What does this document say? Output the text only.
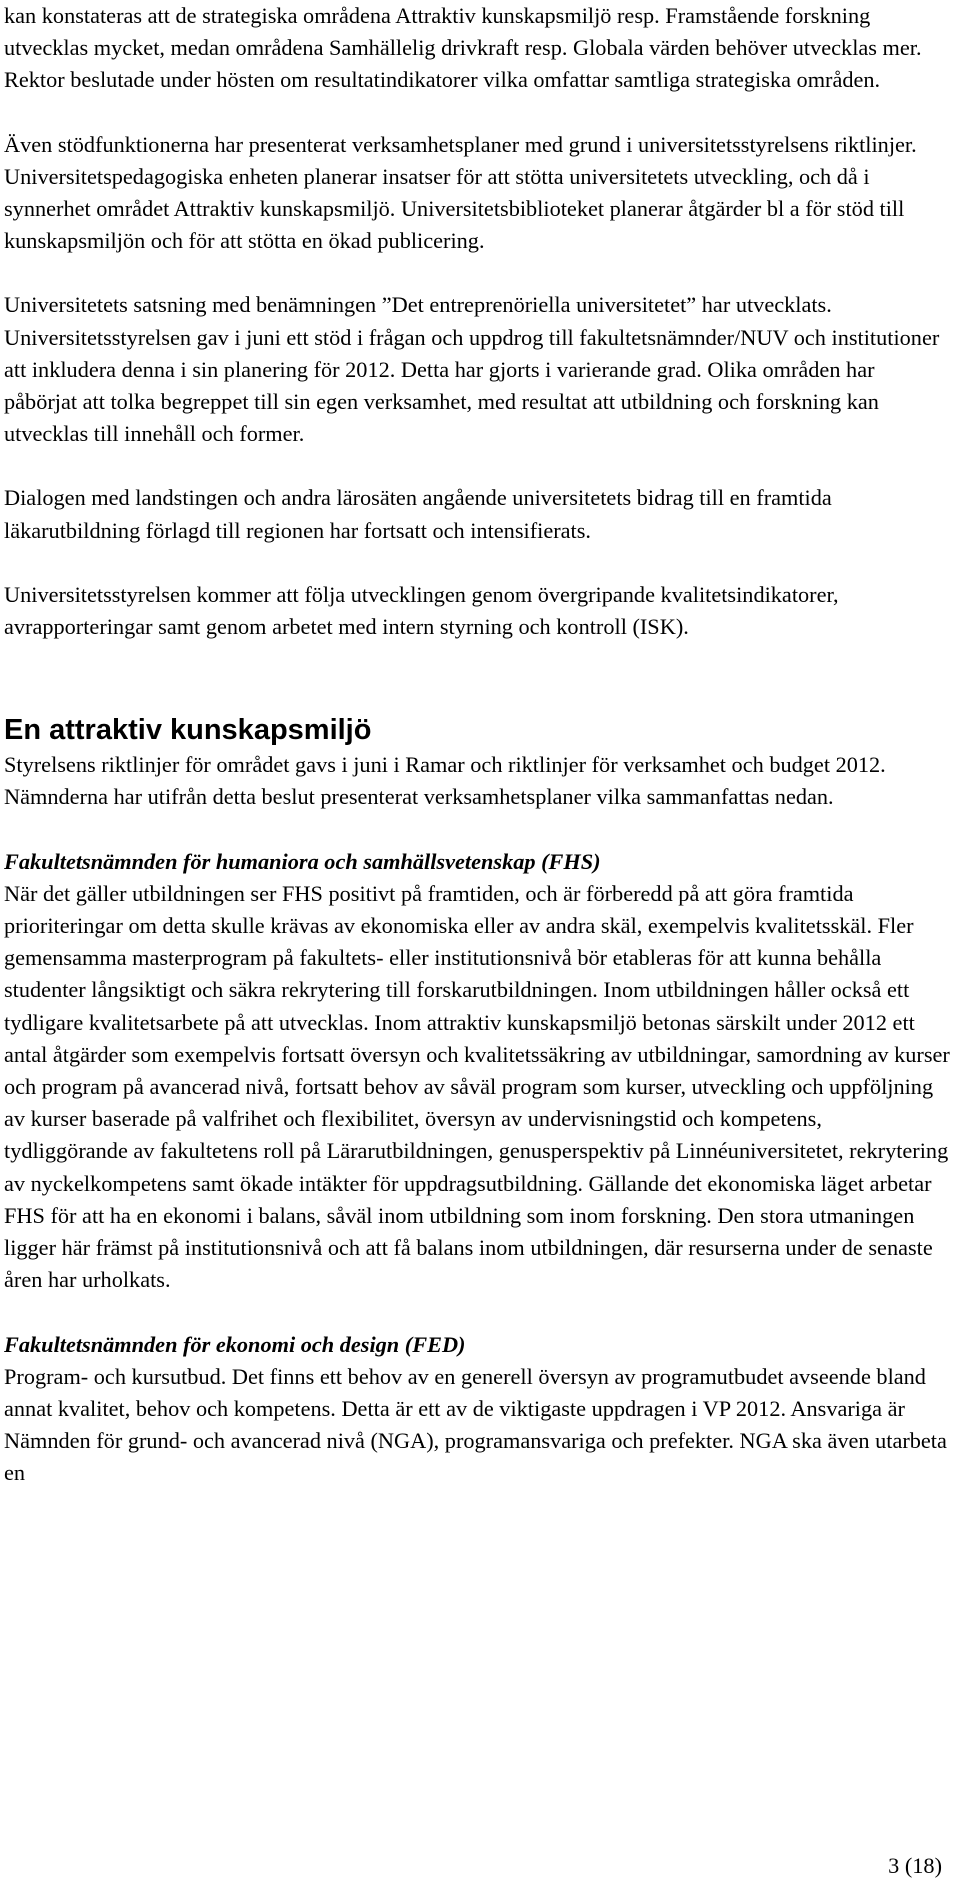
kan konstateras att de strategiska områdena Attraktiv kunskapsmiljö resp. Framstående forskning utvecklas mycket, medan områdena Samhällelig drivkraft resp. Globala värden behöver utvecklas mer. Rektor beslutade under hösten om resultatindikatorer vilka omfattar samtliga strategiska områden.

Även stödfunktionerna har presenterat verksamhetsplaner med grund i universitetsstyrelsens riktlinjer. Universitetspedagogiska enheten planerar insatser för att stötta universitetets utveckling, och då i synnerhet området Attraktiv kunskapsmiljö. Universitetsbiblioteket planerar åtgärder bl a för stöd till kunskapsmiljön och för att stötta en ökad publicering.

Universitetets satsning med benämningen ”Det entreprenöriella universitetet” har utvecklats. Universitetsstyrelsen gav i juni ett stöd i frågan och uppdrog till fakultetsnämnder/NUV och institutioner att inkludera denna i sin planering för 2012. Detta har gjorts i varierande grad. Olika områden har påbörjat att tolka begreppet till sin egen verksamhet, med resultat att utbildning och forskning kan utvecklas till innehåll och former.

Dialogen med landstingen och andra lärosäten angående universitetets bidrag till en framtida läkarutbildning förlagd till regionen har fortsatt och intensifierats.

Universitetsstyrelsen kommer att följa utvecklingen genom övergripande kvalitetsindikatorer, avrapporteringar samt genom arbetet med intern styrning och kontroll (ISK).

En attraktiv kunskapsmiljö

Styrelsens riktlinjer för området gavs i juni i Ramar och riktlinjer för verksamhet och budget 2012. Nämnderna har utifrån detta beslut presenterat verksamhetsplaner vilka sammanfattas nedan.

Fakultetsnämnden för humaniora och samhällsvetenskap (FHS)

När det gäller utbildningen ser FHS positivt på framtiden, och är förberedd på att göra framtida prioriteringar om detta skulle krävas av ekonomiska eller av andra skäl, exempelvis kvalitetsskäl. Fler gemensamma masterprogram på fakultets- eller institutionsnivå bör etableras för att kunna behålla studenter långsiktigt och säkra rekrytering till forskarutbildningen. Inom utbildningen håller också ett tydligare kvalitetsarbete på att utvecklas. Inom attraktiv kunskapsmiljö betonas särskilt under 2012 ett antal åtgärder som exempelvis fortsatt översyn och kvalitetssäkring av utbildningar, samordning av kurser och program på avancerad nivå, fortsatt behov av såväl program som kurser, utveckling och uppföljning av kurser baserade på valfrihet och flexibilitet, översyn av undervisningstid och kompetens, tydliggörande av fakultetens roll på Lärarutbildningen, genusperspektiv på Linnéuniversitetet, rekrytering av nyckelkompetens samt ökade intäkter för uppdragsutbildning. Gällande det ekonomiska läget arbetar FHS för att ha en ekonomi i balans, såväl inom utbildning som inom forskning. Den stora utmaningen ligger här främst på institutionsnivå och att få balans inom utbildningen, där resurserna under de senaste åren har urholkats.

Fakultetsnämnden för ekonomi och design (FED)

Program- och kursutbud. Det finns ett behov av en generell översyn av programutbudet avseende bland annat kvalitet, behov och kompetens. Detta är ett av de viktigaste uppdragen i VP 2012. Ansvariga är Nämnden för grund- och avancerad nivå (NGA), programansvariga och prefekter. NGA ska även utarbeta en

3 (18)
